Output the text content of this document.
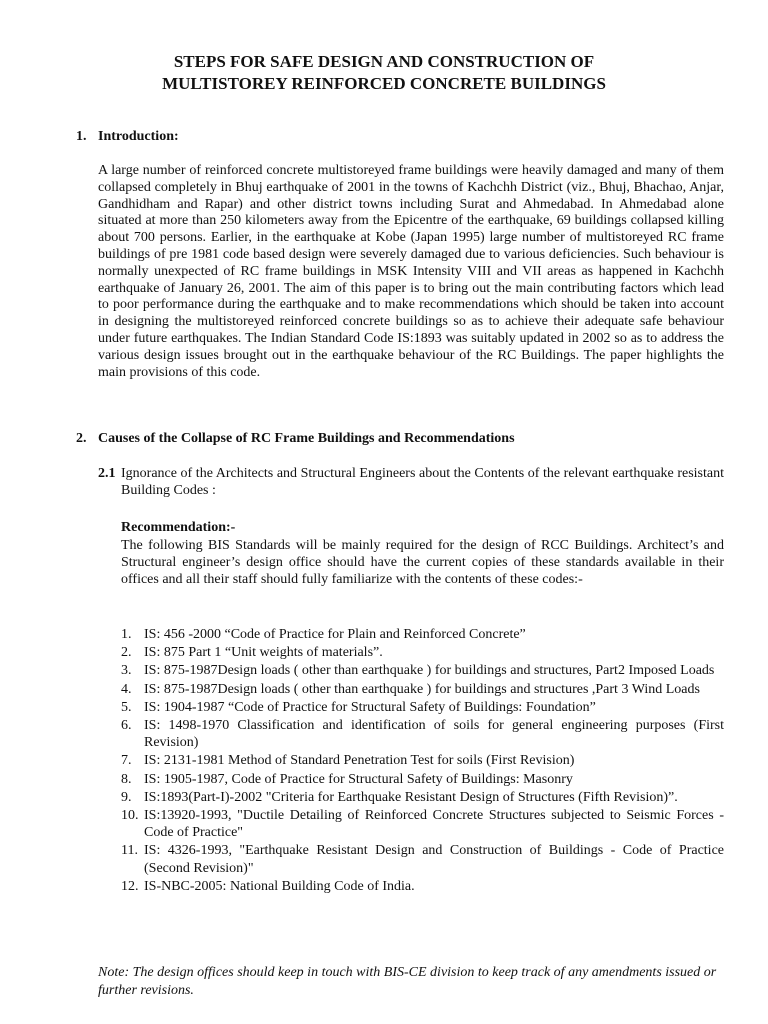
STEPS FOR SAFE DESIGN AND CONSTRUCTION OF
MULTISTOREY REINFORCED CONCRETE BUILDINGS
1. Introduction:

A large number of reinforced concrete multistoreyed frame buildings were heavily damaged and many of them collapsed completely in Bhuj earthquake of 2001 in the towns of Kachchh District (viz., Bhuj, Bhachao, Anjar, Gandhidham and Rapar) and other district towns including Surat and Ahmedabad. In Ahmedabad alone situated at more than 250 kilometers away from the Epicentre of the earthquake, 69 buildings collapsed killing about 700 persons. Earlier, in the earthquake at Kobe (Japan 1995) large number of multistoreyed RC frame buildings of pre 1981 code based design were severely damaged due to various deficiencies. Such behaviour is normally unexpected of RC frame buildings in MSK Intensity VIII and VII areas as happened in Kachchh earthquake of January 26, 2001. The aim of this paper is to bring out the main contributing factors which lead to poor performance during the earthquake and to make recommendations which should be taken into account in designing the multistoreyed reinforced concrete buildings so as to achieve their adequate safe behaviour under future earthquakes. The Indian Standard Code IS:1893 was suitably updated in 2002 so as to address the various design issues brought out in the earthquake behaviour of the RC Buildings. The paper highlights the main provisions of this code.

2. Causes of the Collapse of RC Frame Buildings and Recommendations
2.1 Ignorance of the Architects and Structural Engineers about the Contents of the relevant earthquake resistant Building Codes :

Recommendation:-

The following BIS Standards will be mainly required for the design of RCC Buildings. Architect’s and Structural engineer’s design office should have the current copies of these standards available in their offices and all their staff should fully familiarize with the contents of these codes:-

1. IS: 456 -2000 “Code of Practice for Plain and Reinforced Concrete”
2. IS: 875 Part 1 “Unit weights of materials”.
3. IS: 875-1987Design loads ( other than earthquake ) for buildings and structures, Part2 Imposed Loads
4. IS: 875-1987Design loads ( other than earthquake ) for buildings and structures ,Part 3 Wind Loads
5. IS: 1904-1987 “Code of Practice for Structural Safety of Buildings: Foundation”
6. IS: 1498-1970 Classification and identification of soils for general engineering purposes (First Revision)
7. IS: 2131-1981 Method of Standard Penetration Test for soils (First Revision)
8. IS: 1905-1987, Code of Practice for Structural Safety of Buildings: Masonry
9. IS:1893(Part-I)-2002 "Criteria for Earthquake Resistant Design of Structures (Fifth Revision)”.
10. IS:13920-1993, "Ductile Detailing of Reinforced Concrete Structures subjected to Seismic Forces - Code of Practice"
11. IS: 4326-1993, "Earthquake Resistant Design and Construction of Buildings - Code of Practice (Second Revision)"
12. IS-NBC-2005: National Building Code of India.

Note: The design offices should keep in touch with BIS-CE division to keep track of any amendments issued or further revisions.
